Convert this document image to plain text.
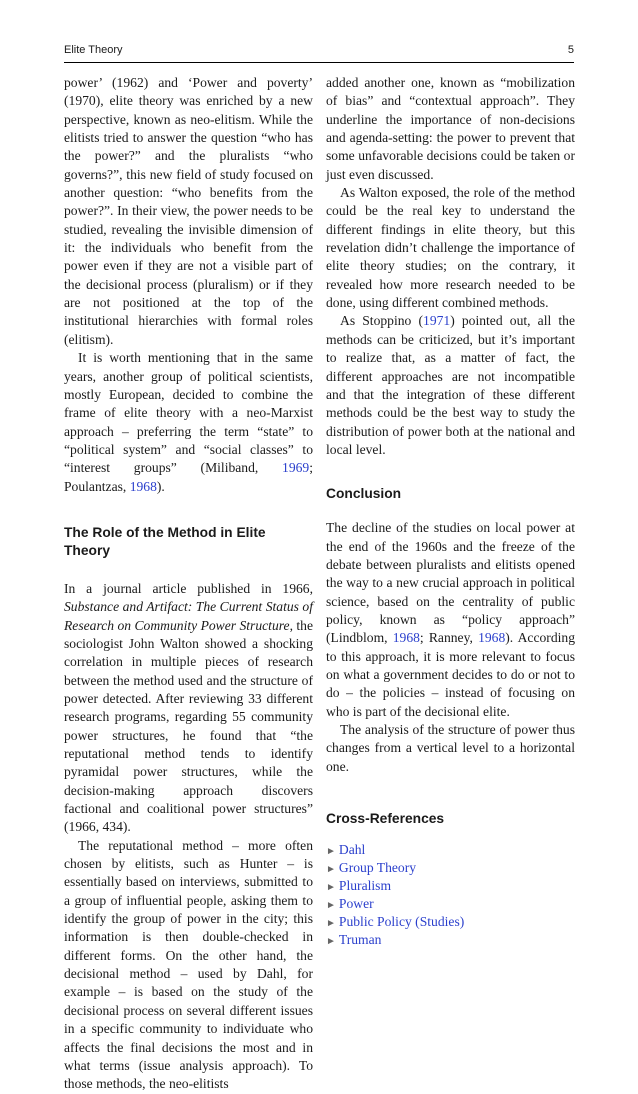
Elite Theory	5

power’ (1962) and ‘Power and poverty’ (1970), elite theory was enriched by a new perspective, known as neo-elitism. While the elitists tried to answer the question “who has the power?” and the pluralists “who governs?”, this new field of study focused on another question: “who benefits from the power?”. In their view, the power needs to be studied, revealing the invisible dimension of it: the individuals who benefit from the power even if they are not a visible part of the decisional process (pluralism) or if they are not positioned at the top of the institutional hierarchies with formal roles (elitism).

It is worth mentioning that in the same years, another group of political scientists, mostly European, decided to combine the frame of elite theory with a neo-Marxist approach – preferring the term “state” to “political system” and “social classes” to “interest groups” (Miliband, 1969; Poulantzas, 1968).

The Role of the Method in Elite Theory

In a journal article published in 1966, Substance and Artifact: The Current Status of Research on Community Power Structure, the sociologist John Walton showed a shocking correlation in multiple pieces of research between the method used and the structure of power detected. After reviewing 33 different research programs, regarding 55 community power structures, he found that “the reputational method tends to identify pyramidal power structures, while the decision-making approach discovers factional and coalitional power structures” (1966, 434).

The reputational method – more often chosen by elitists, such as Hunter – is essentially based on interviews, submitted to a group of influential people, asking them to identify the group of power in the city; this information is then double-checked in different forms. On the other hand, the decisional method – used by Dahl, for example – is based on the study of the decisional process on several different issues in a specific community to individuate who affects the final decisions the most and in what terms (issue analysis approach). To those methods, the neo-elitists

added another one, known as “mobilization of bias” and “contextual approach”. They underline the importance of non-decisions and agenda-setting: the power to prevent that some unfavorable decisions could be taken or just even discussed.

As Walton exposed, the role of the method could be the real key to understand the different findings in elite theory, but this revelation didn’t challenge the importance of elite theory studies; on the contrary, it revealed how more research needed to be done, using different combined methods.

As Stoppino (1971) pointed out, all the methods can be criticized, but it’s important to realize that, as a matter of fact, the different approaches are not incompatible and that the integration of these different methods could be the best way to study the distribution of power both at the national and local level.

Conclusion

The decline of the studies on local power at the end of the 1960s and the freeze of the debate between pluralists and elitists opened the way to a new crucial approach in political science, based on the centrality of public policy, known as “policy approach” (Lindblom, 1968; Ranney, 1968). According to this approach, it is more relevant to focus on what a government decides to do or not to do – the policies – instead of focusing on who is part of the decisional elite.

The analysis of the structure of power thus changes from a vertical level to a horizontal one.

Cross-References
► Dahl
► Group Theory
► Pluralism
► Power
► Public Policy (Studies)
► Truman
